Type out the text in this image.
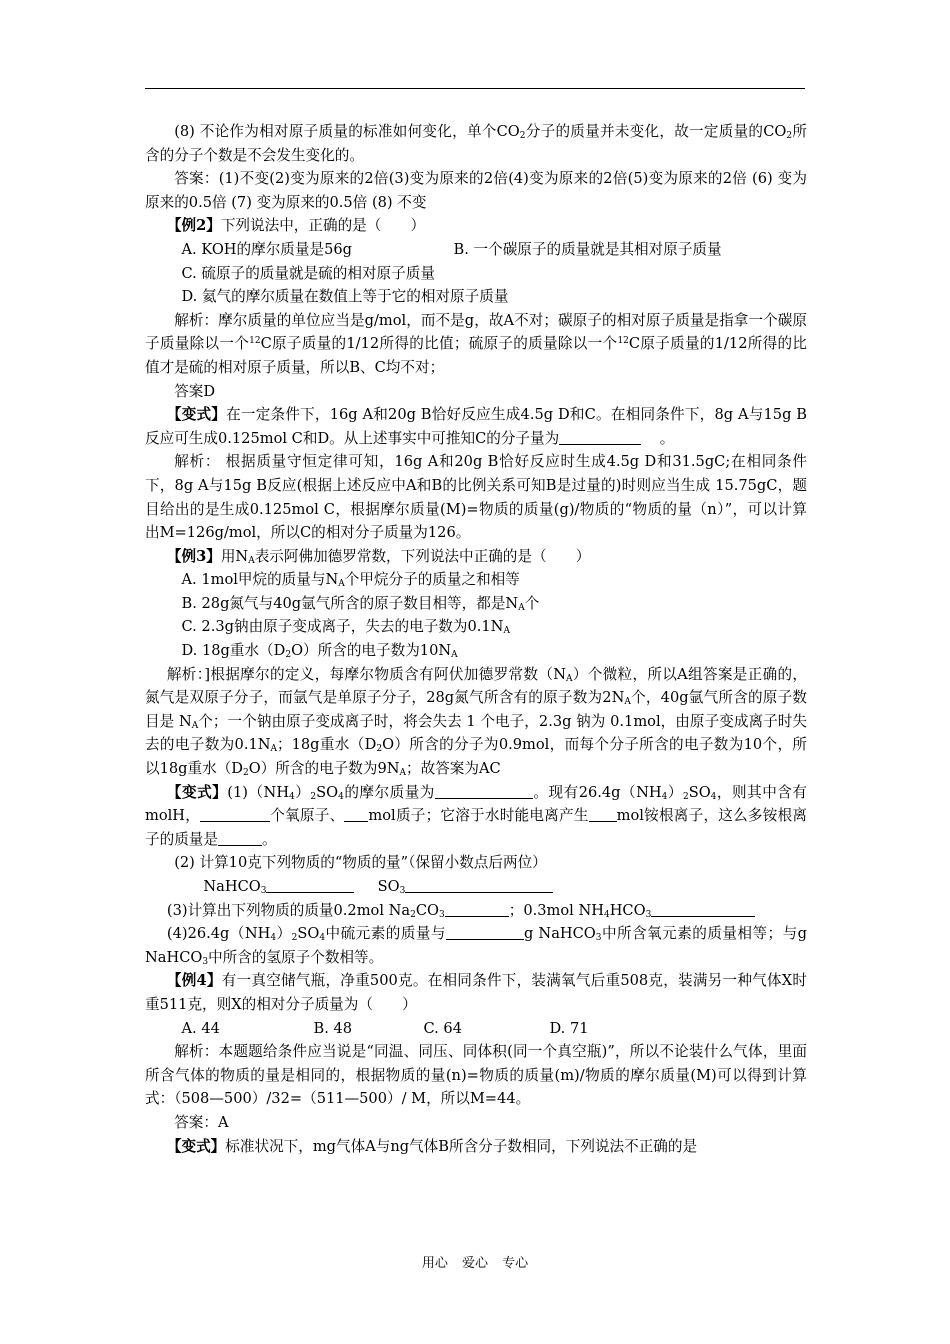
(8) 不论作为相对原子质量的标准如何变化，单个$CO_2$分子的质量并未变化，故一定质量的$CO_2$所含的分子个数是不会发生变化的。

答案：(1)不变(2)变为原来的2倍(3)变为原来的2倍(4)变为原来的2倍(5)变为原来的2倍 (6) 变为原来的0.5倍 (7) 变为原来的0.5倍 (8) 不变

【例2】下列说法中，正确的是（　　）

A. KOH的摩尔质量是56g	B. 一个碳原子的质量就是其相对原子质量

C. 硫原子的质量就是硫的相对原子质量

D. 氦气的摩尔质量在数值上等于它的相对原子质量

解析：摩尔质量的单位应当是g/mol，而不是g，故A不对；碳原子的相对原子质量是指拿一个碳原子质量除以一个$^{12}$C原子质量的1/12所得的比值；硫原子的质量除以一个$^{12}$C原子质量的1/12所得的比值才是硫的相对原子质量，所以B、C均不对；

答案D

【变式】在一定条件下，16g A和20g B恰好反应生成4.5g D和C。在相同条件下，8g A与15g B反应可生成0.125mol C和D。从上述事实中可推知C的分子量为	。

解析： 根据质量守恒定律可知，16g A和20g B恰好反应时生成4.5g D和31.5gC;在相同条件下，8g A与15g B反应(根据上述反应中A和B的比例关系可知B是过量的)时则应当生成 15.75gC，题目给出的是生成0.125mol C，根据摩尔质量(M)=物质的质量(g)/物质的“物质的量（n）”，可以计算出M=126g/mol，所以C的相对分子质量为126。

【例3】用$N_A$表示阿佛加德罗常数，下列说法中正确的是（　　）

A. 1mol甲烷的质量与$N_A$个甲烷分子的质量之和相等

B. 28g氮气与40g氩气所含的原子数目相等，都是$N_A$个

C. 2.3g钠由原子变成离子，失去的电子数为$0.1N_A$

D. 18g重水$(D_2O)$所含的电子数为$10N_A$

解析：]根据摩尔的定义，每摩尔物质含有阿伏加德罗常数$(N_A)$个微粒，所以A组答案是正确的，氮气是双原子分子，而氩气是单原子分子，28g氮气所含有的原子数为$2N_A$个，40g氩气所含的原子数目是 $N_A$个；一个钠由原子变成离子时，将会失去 1 个电子，2.3g 钠为 0.1mol，由原子变成离子时失去的电子数为$0.1N_A$；18g重水$(D_2O)$所含的分子为0.9mol，而每个分子所含的电子数为10个，所以18g重水$(D_2O)$所含的电子数为$9N_A$；故答案为AC

【变式】$(1)(NH_4)_2SO_4$的摩尔质量为	。现有$26.4g(NH_4)_2SO_4$，则其中含有molH，	个氧原子、 mol质子；它溶于水时能电离产生 mol铵根离子，这么多铵根离子的质量是	。

(2) 计算10克下列物质的“物质的量”（保留小数点后两位）

NaHCO$_3$	$SO_3$

(3)计算出下列物质的质量0.2mol $Na_2CO_3$	；0.3mol $NH_4HCO_3$

$(4)26.4g(NH_4)_2SO_4$中硫元素的质量与	g NaHCO$_3$中所含氧元素的质量相等；与g NaHCO$_3$中所含的氢原子个数相等。

【例4】有一真空储气瓶，净重500克。在相同条件下，装满氧气后重508克，装满另一种气体X时重511克，则X的相对分子质量为（　　）

A. 44	B. 48	C. 64	D. 71

解析：本题题给条件应当说是“同温、同压、同体积(同一个真空瓶)”，所以不论装什么气体，里面所含气体的物质的量是相同的，根据物质的量(n)=物质的质量(m)/物质的摩尔质量(M)可以得到计算式：（508—500）/32=（511—500）/ M，所以M=44。

答案：A

【变式】标准状况下，mg气体A与ng气体B所含分子数相同，下列说法不正确的是

用心 爱心 专心
